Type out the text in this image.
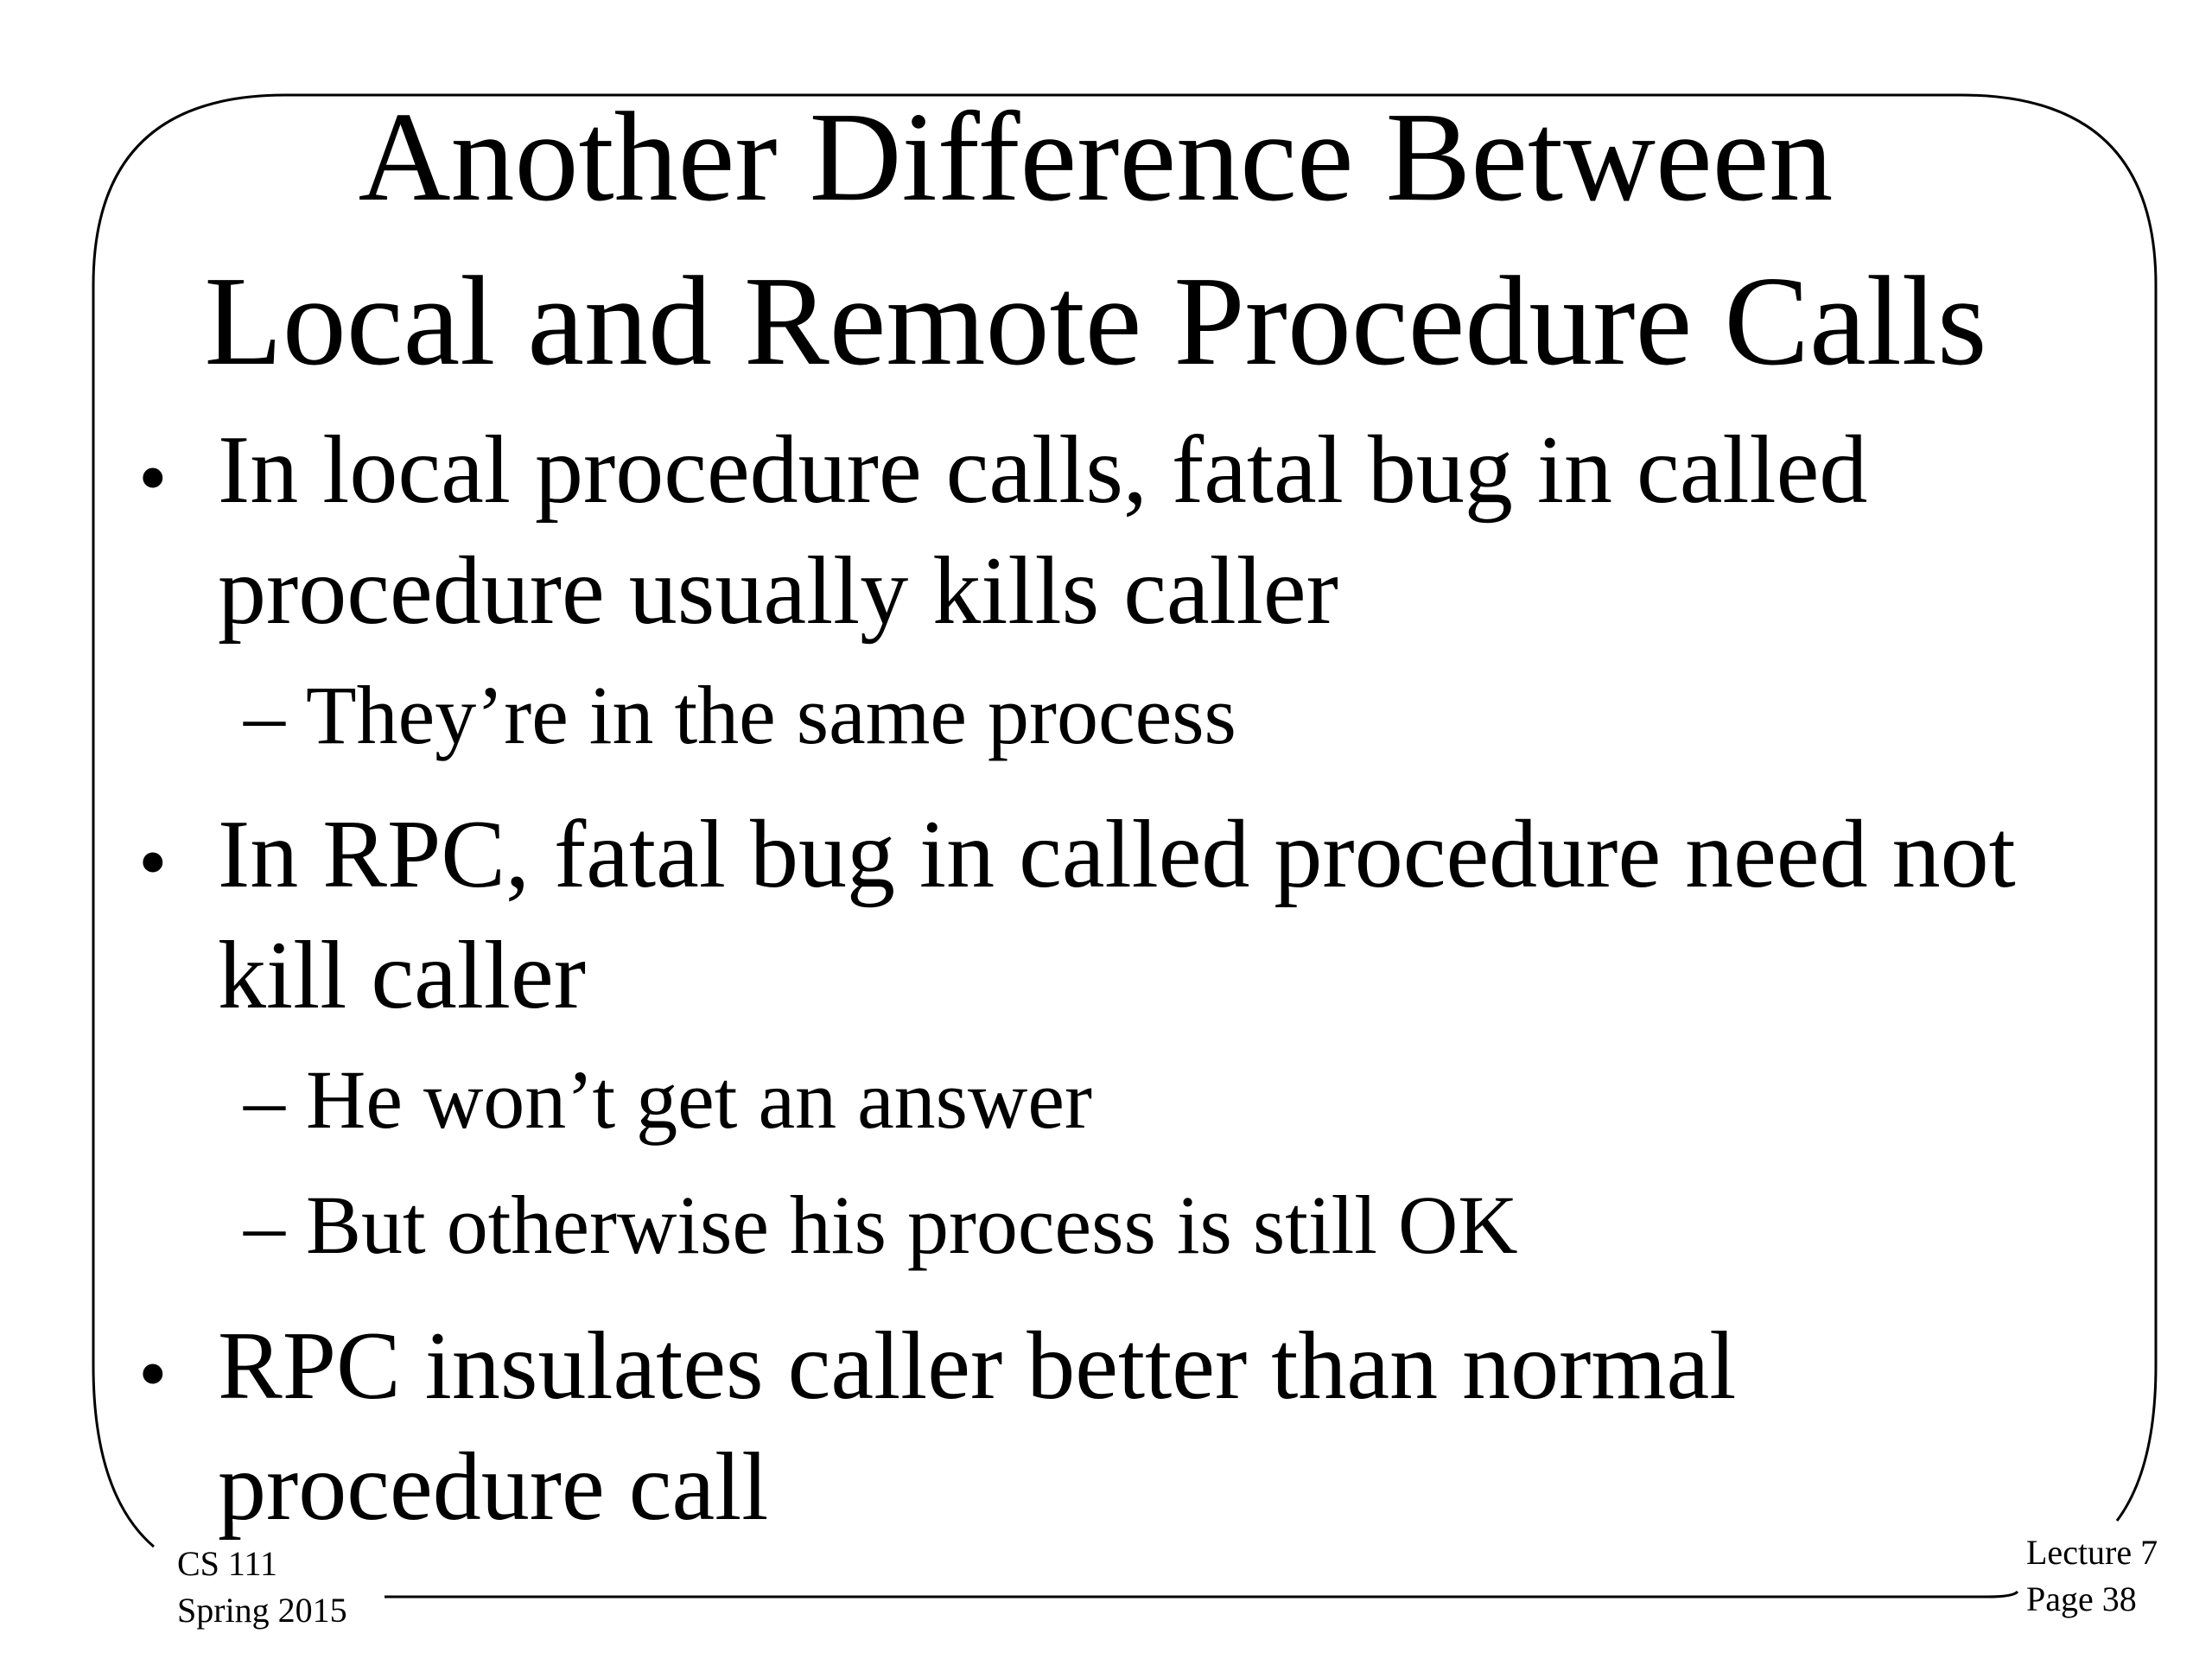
Another Difference Between
Local and Remote Procedure Calls
• In local procedure calls, fatal bug in called
procedure usually kills caller
– They’re in the same process
• In RPC, fatal bug in called procedure need not
kill caller
– He won’t get an answer
– But otherwise his process is still OK
• RPC insulates caller better than normal
procedure call
CS 111
Spring 2015
Lecture 7
Page 38
